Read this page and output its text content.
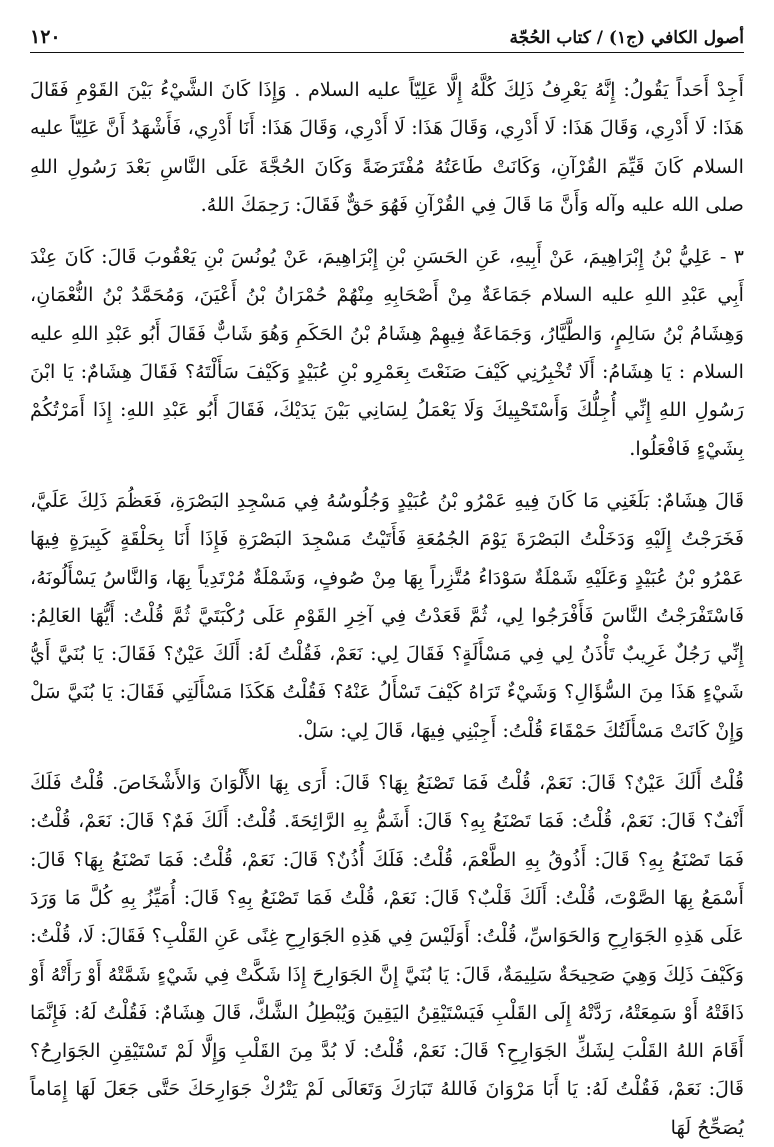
أصول الكافي (ج١) / كتاب الحُجّة
١٢٠

أَجِدْ أَحَداً يَقُولُ: إِنَّهُ يَعْرِفُ ذَلِكَ كُلَّهُ إِلَّا عَلِيّاً عليه السلام . وَإِذَا كَانَ الشَّيْءُ بَيْنَ القَوْمِ فَقَالَ هَذَا: لَا أَدْرِي، وَقَالَ هَذَا: لَا أَدْرِي، وَقَالَ هَذَا: لَا أَدْرِي، وَقَالَ هَذَا: أَنَا أَدْرِي، فَأَشْهَدُ أَنَّ عَلِيّاً عليه السلام كَانَ قَيِّمَ القُرْآنِ، وَكَانَتْ طَاعَتُهُ مُفْتَرَضَةً وَكَانَ الحُجَّةَ عَلَى النَّاسِ بَعْدَ رَسُولِ اللهِ صلى الله عليه وآله وَأَنَّ مَا قَالَ فِي القُرْآنِ فَهُوَ حَقٌّ فَقَالَ: رَحِمَكَ اللهُ.

٣ - عَلِيُّ بْنُ إِبْرَاهِيمَ، عَنْ أَبِيهِ، عَنِ الحَسَنِ بْنِ إِبْرَاهِيمَ، عَنْ يُونُسَ بْنِ يَعْقُوبَ قَالَ: كَانَ عِنْدَ أَبِي عَبْدِ اللهِ عليه السلام جَمَاعَةٌ مِنْ أَصْحَابِهِ مِنْهُمْ حُمْرَانُ بْنُ أَعْيَنَ، وَمُحَمَّدُ بْنُ النُّعْمَانِ، وَهِشَامُ بْنُ سَالِمٍ، وَالطَّيَّارُ، وَجَمَاعَةٌ فِيهِمْ هِشَامُ بْنُ الحَكَمِ وَهُوَ شَابٌّ فَقَالَ أَبُو عَبْدِ اللهِ عليه السلام : يَا هِشَامُ: أَلَا تُخْبِرُنِي كَيْفَ صَنَعْتَ بِعَمْرِو بْنِ عُبَيْدٍ وَكَيْفَ سَأَلْتَهُ؟ فَقَالَ هِشَامٌ: يَا ابْنَ رَسُولِ اللهِ إِنِّي أُجِلُّكَ وَأَسْتَحْيِيكَ وَلَا يَعْمَلُ لِسَانِي بَيْنَ يَدَيْكَ، فَقَالَ أَبُو عَبْدِ اللهِ: إِذَا أَمَرْتُكُمْ بِشَيْءٍ فَافْعَلُوا.

قَالَ هِشَامٌ: بَلَغَنِي مَا كَانَ فِيهِ عَمْرُو بْنُ عُبَيْدٍ وَجُلُوسُهُ فِي مَسْجِدِ البَصْرَةِ، فَعَظُمَ ذَلِكَ عَلَيَّ، فَخَرَجْتُ إِلَيْهِ وَدَخَلْتُ البَصْرَةَ يَوْمَ الجُمُعَةِ فَأَتَيْتُ مَسْجِدَ البَصْرَةِ فَإِذَا أَنَا بِحَلْقَةٍ كَبِيرَةٍ فِيهَا عَمْرُو بْنُ عُبَيْدٍ وَعَلَيْهِ شَمْلَةٌ سَوْدَاءُ مُتَّزِراً بِهَا مِنْ صُوفٍ، وَشَمْلَةٌ مُرْتَدِياً بِهَا، وَالنَّاسُ يَسْأَلُونَهُ، فَاسْتَفْرَجْتُ النَّاسَ فَأَفْرَجُوا لِي، ثُمَّ قَعَدْتُ فِي آخِرِ القَوْمِ عَلَى رُكْبَتَيَّ ثُمَّ قُلْتُ: أَيُّهَا العَالِمُ: إِنِّي رَجُلٌ غَرِيبٌ تَأْذَنُ لِي فِي مَسْأَلَةٍ؟ فَقَالَ لِي: نَعَمْ، فَقُلْتُ لَهُ: أَلَكَ عَيْنٌ؟ فَقَالَ: يَا بُنَيَّ أَيُّ شَيْءٍ هَذَا مِنَ السُّؤَالِ؟ وَشَيْءٌ تَرَاهُ كَيْفَ تَسْأَلُ عَنْهُ؟ فَقُلْتُ هَكَذَا مَسْأَلَتِي فَقَالَ: يَا بُنَيَّ سَلْ وَإِنْ كَانَتْ مَسْأَلَتُكَ حَمْقَاءَ قُلْتُ: أَجِبْنِي فِيهَا، قَالَ لِي: سَلْ.

قُلْتُ أَلَكَ عَيْنٌ؟ قَالَ: نَعَمْ، قُلْتُ فَمَا تَصْنَعُ بِهَا؟ قَالَ: أَرَى بِهَا الأَلْوَانَ وَالأَشْخَاصَ. قُلْتُ فَلَكَ أَنْفٌ؟ قَالَ: نَعَمْ، قُلْتُ: فَمَا تَصْنَعُ بِهِ؟ قَالَ: أَشَمُّ بِهِ الرَّائِحَةَ. قُلْتُ: أَلَكَ فَمٌ؟ قَالَ: نَعَمْ، قُلْتُ: فَمَا تَصْنَعُ بِهِ؟ قَالَ: أَذُوقُ بِهِ الطَّعْمَ، قُلْتُ: فَلَكَ أُذُنٌ؟ قَالَ: نَعَمْ، قُلْتُ: فَمَا تَصْنَعُ بِهَا؟ قَالَ: أَسْمَعُ بِهَا الصَّوْتَ، قُلْتُ: أَلَكَ قَلْبٌ؟ قَالَ: نَعَمْ، قُلْتُ فَمَا تَصْنَعُ بِهِ؟ قَالَ: أُمَيِّزُ بِهِ كُلَّ مَا وَرَدَ عَلَى هَذِهِ الجَوَارِحِ وَالحَوَاسِّ، قُلْتُ: أَوَلَيْسَ فِي هَذِهِ الجَوَارِحِ غِنًى عَنِ القَلْبِ؟ فَقَالَ: لَا، قُلْتُ: وَكَيْفَ ذَلِكَ وَهِيَ صَحِيحَةٌ سَلِيمَةٌ، قَالَ: يَا بُنَيَّ إِنَّ الجَوَارِحَ إِذَا شَكَّتْ فِي شَيْءٍ شَمَّتْهُ أَوْ رَأَتْهُ أَوْ ذَاقَتْهُ أَوْ سَمِعَتْهُ، رَدَّتْهُ إِلَى القَلْبِ فَيَسْتَيْقِنُ اليَقِينَ وَيُبْطِلُ الشَّكَّ، قَالَ هِشَامٌ: فَقُلْتُ لَهُ: فَإِنَّمَا أَقَامَ اللهُ القَلْبَ لِشَكِّ الجَوَارِحِ؟ قَالَ: نَعَمْ، قُلْتُ: لَا بُدَّ مِنَ القَلْبِ وَإِلَّا لَمْ تَسْتَيْقِنِ الجَوَارِحُ؟ قَالَ: نَعَمْ، فَقُلْتُ لَهُ: يَا أَبَا مَرْوَانَ فَاللهُ تَبَارَكَ وَتَعَالَى لَمْ يَتْرُكْ جَوَارِحَكَ حَتَّى جَعَلَ لَهَا إِمَاماً يُصَحِّحُ لَهَا
